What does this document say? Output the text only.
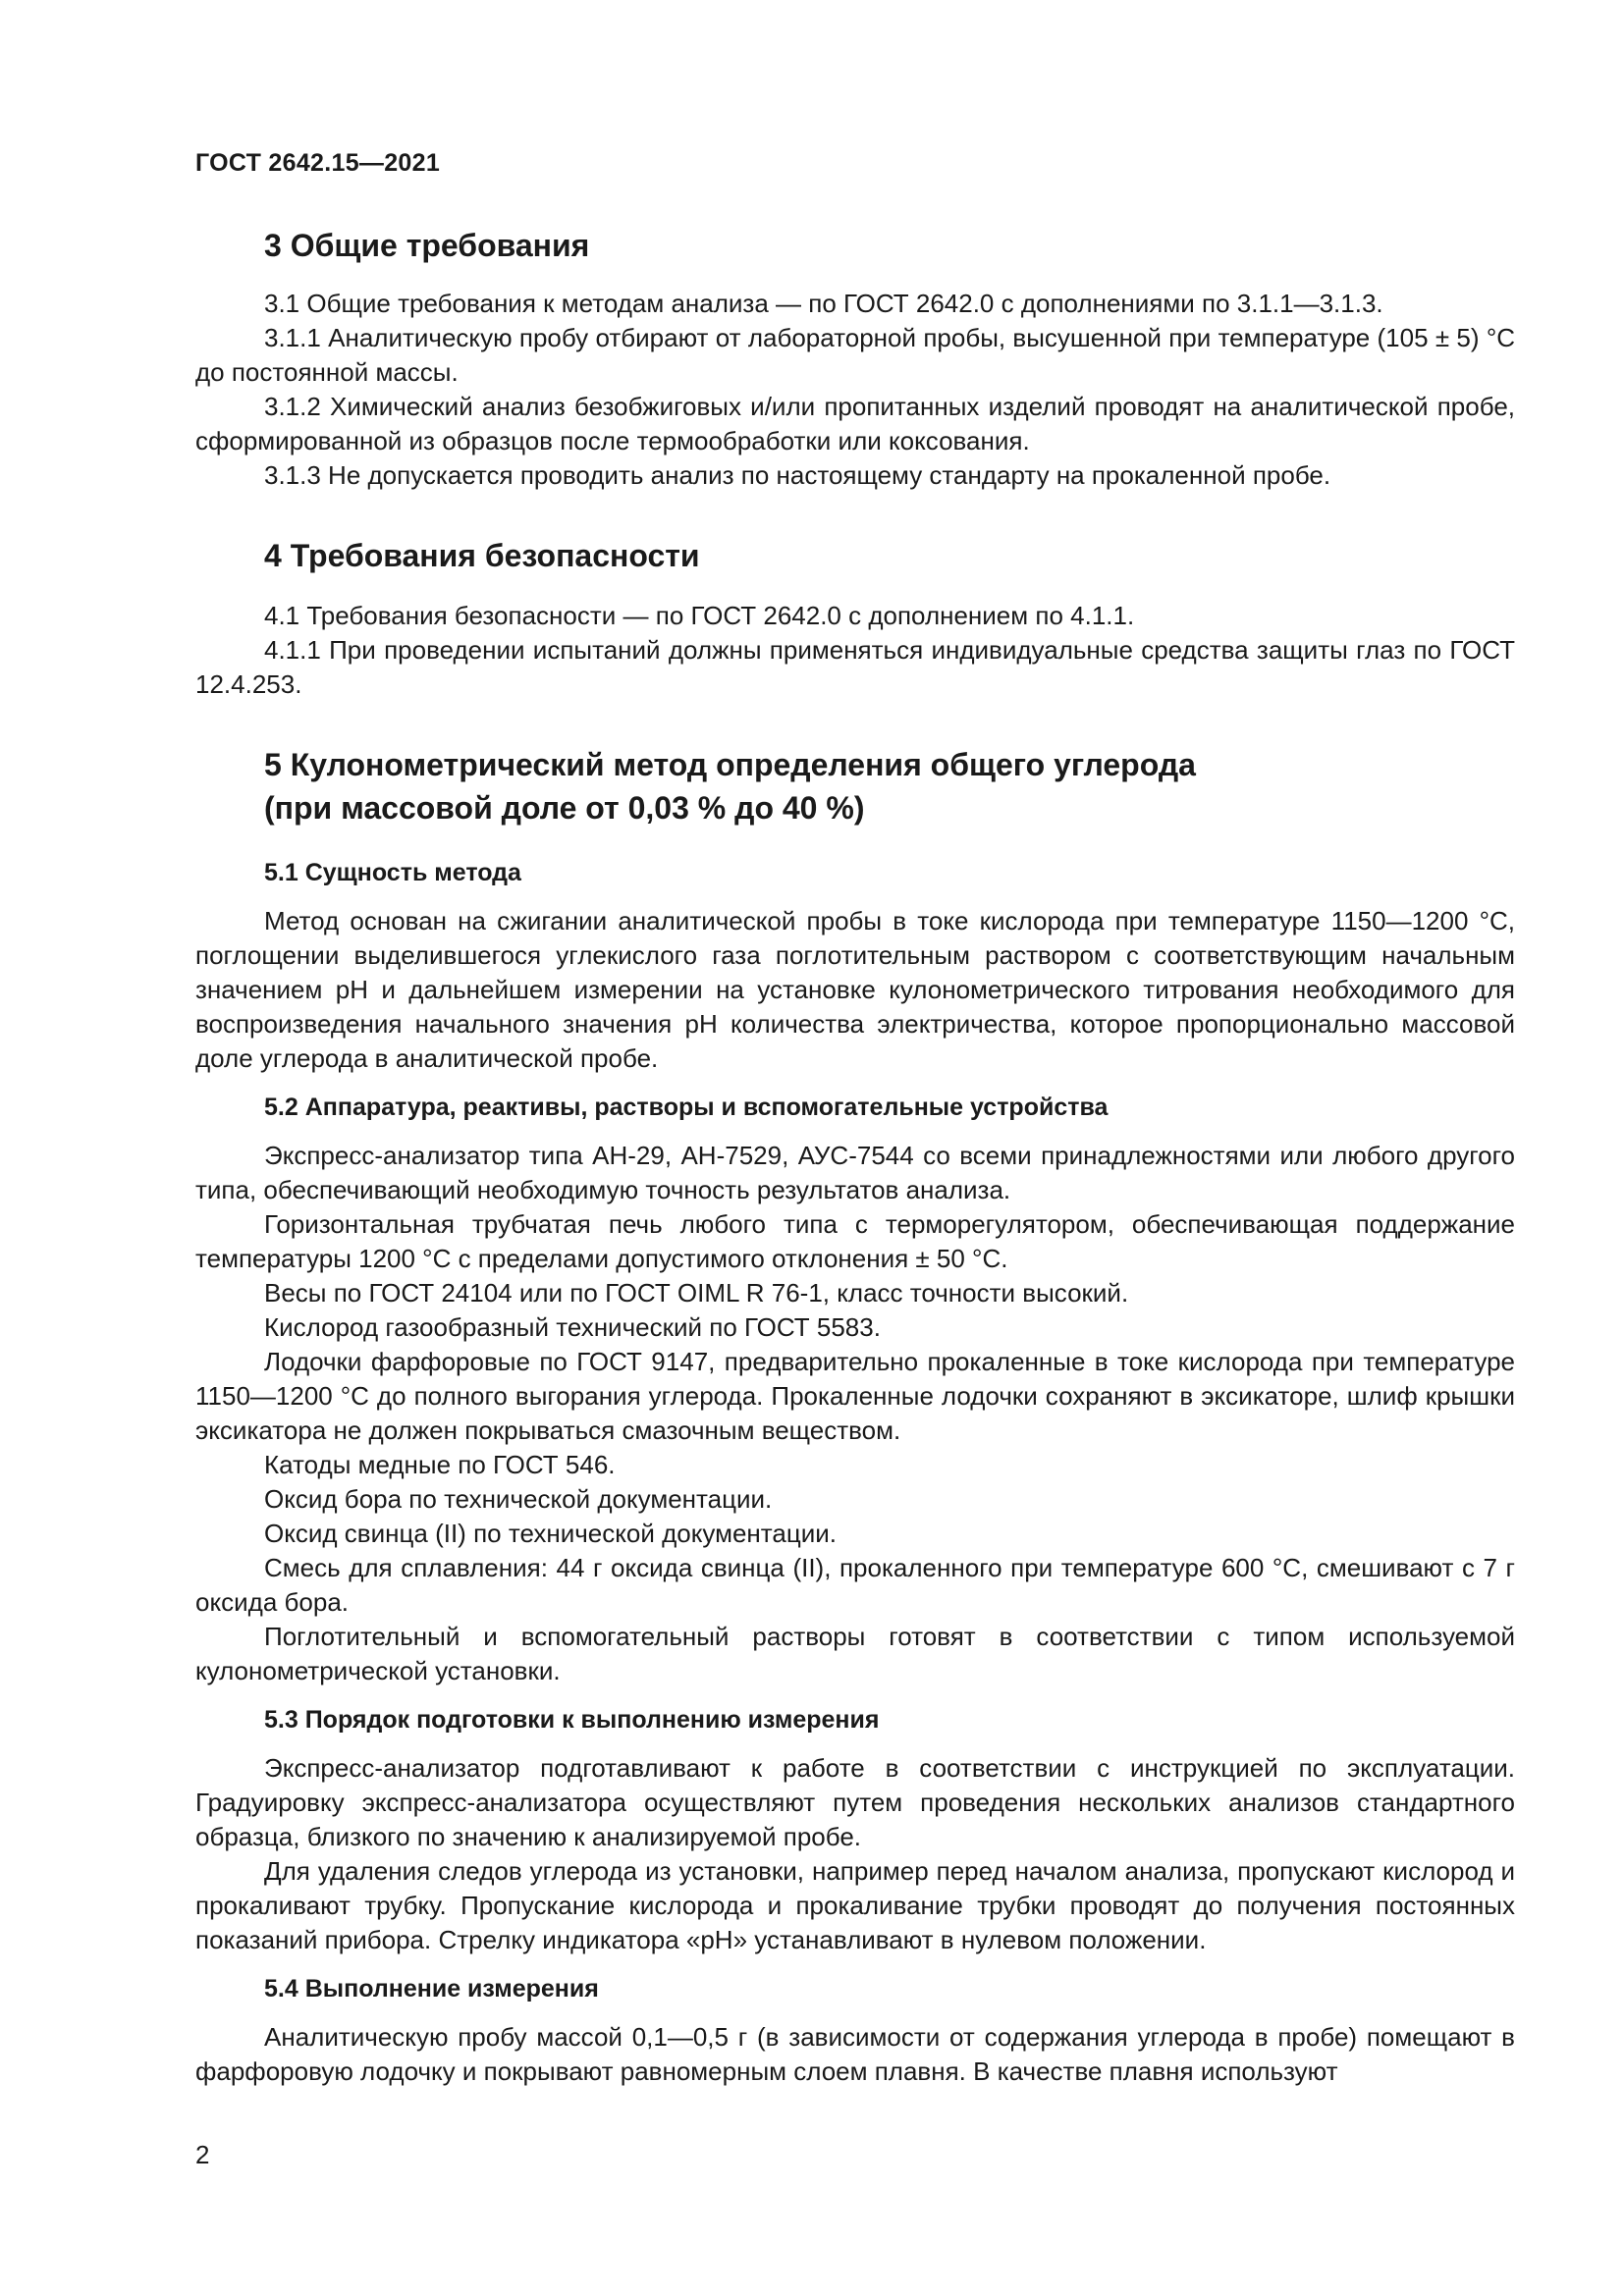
ГОСТ 2642.15—2021
3 Общие требования

3.1 Общие требования к методам анализа — по ГОСТ 2642.0 с дополнениями по 3.1.1—3.1.3.

3.1.1 Аналитическую пробу отбирают от лабораторной пробы, высушенной при температуре (105 ± 5) °С до постоянной массы.

3.1.2 Химический анализ безобжиговых и/или пропитанных изделий проводят на аналитической пробе, сформированной из образцов после термообработки или коксования.

3.1.3 Не допускается проводить анализ по настоящему стандарту на прокаленной пробе.

4 Требования безопасности

4.1 Требования безопасности — по ГОСТ 2642.0 с дополнением по 4.1.1.

4.1.1 При проведении испытаний должны применяться индивидуальные средства защиты глаз по ГОСТ 12.4.253.

5 Кулонометрический метод определения общего углерода
(при массовой доле от 0,03 % до 40 %)
5.1 Сущность метода

Метод основан на сжигании аналитической пробы в токе кислорода при температуре 1150—1200 °С, поглощении выделившегося углекислого газа поглотительным раствором с соответствующим начальным значением рН и дальнейшем измерении на установке кулонометрического титрования необходимого для воспроизведения начального значения рН количества электричества, которое пропорционально массовой доле углерода в аналитической пробе.

5.2 Аппаратура, реактивы, растворы и вспомогательные устройства

Экспресс-анализатор типа АН-29, АН-7529, АУС-7544 со всеми принадлежностями или любого другого типа, обеспечивающий необходимую точность результатов анализа.

Горизонтальная трубчатая печь любого типа с терморегулятором, обеспечивающая поддержание температуры 1200 °С с пределами допустимого отклонения ± 50 °С.

Весы по ГОСТ 24104 или по ГОСТ OIML R 76-1, класс точности высокий.

Кислород газообразный технический по ГОСТ 5583.

Лодочки фарфоровые по ГОСТ 9147, предварительно прокаленные в токе кислорода при температуре 1150—1200 °С до полного выгорания углерода. Прокаленные лодочки сохраняют в эксикаторе, шлиф крышки эксикатора не должен покрываться смазочным веществом.

Катоды медные по ГОСТ 546.

Оксид бора по технической документации.

Оксид свинца (II) по технической документации.

Смесь для сплавления: 44 г оксида свинца (II), прокаленного при температуре 600 °С, смешивают с 7 г оксида бора.

Поглотительный и вспомогательный растворы готовят в соответствии с типом используемой кулонометрической установки.

5.3 Порядок подготовки к выполнению измерения

Экспресс-анализатор подготавливают к работе в соответствии с инструкцией по эксплуатации. Градуировку экспресс-анализатора осуществляют путем проведения нескольких анализов стандартного образца, близкого по значению к анализируемой пробе.

Для удаления следов углерода из установки, например перед началом анализа, пропускают кислород и прокаливают трубку. Пропускание кислорода и прокаливание трубки проводят до получения постоянных показаний прибора. Стрелку индикатора «рН» устанавливают в нулевом положении.

5.4 Выполнение измерения

Аналитическую пробу массой 0,1—0,5 г (в зависимости от содержания углерода в пробе) помещают в фарфоровую лодочку и покрывают равномерным слоем плавня. В качестве плавня используют

2
